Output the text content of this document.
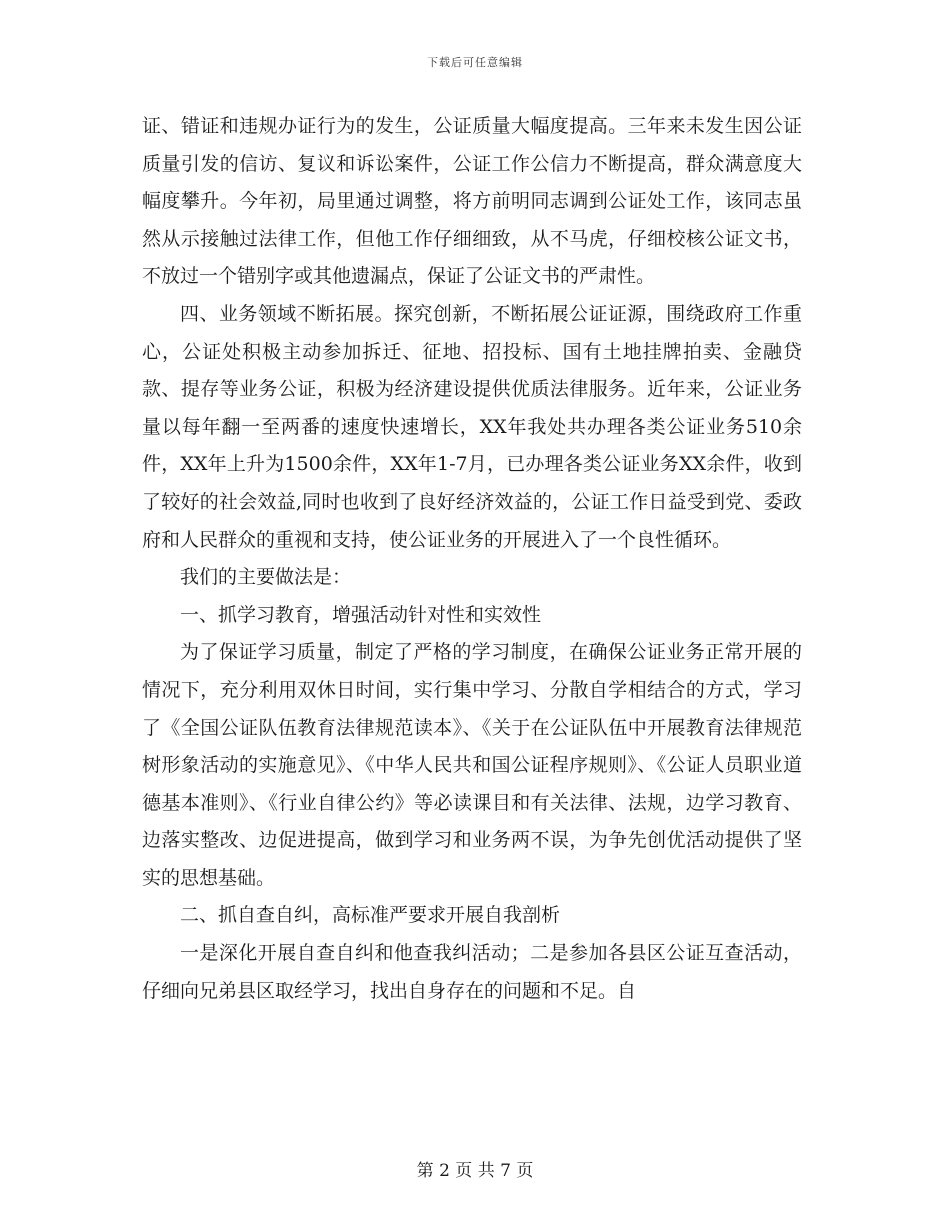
下载后可任意编辑

证、错证和违规办证行为的发生，公证质量大幅度提高。三年来未发生因公证质量引发的信访、复议和诉讼案件，公证工作公信力不断提高，群众满意度大幅度攀升。今年初，局里通过调整，将方前明同志调到公证处工作，该同志虽然从示接触过法律工作，但他工作仔细细致，从不马虎，仔细校核公证文书，不放过一个错别字或其他遗漏点，保证了公证文书的严肃性。

四、业务领域不断拓展。探究创新，不断拓展公证证源，围绕政府工作重心，公证处积极主动参加拆迁、征地、招投标、国有土地挂牌拍卖、金融贷款、提存等业务公证，积极为经济建设提供优质法律服务。近年来，公证业务量以每年翻一至两番的速度快速增长，XX年我处共办理各类公证业务510余件，XX年上升为1500余件，XX年1-7月，已办理各类公证业务XX余件，收到了较好的社会效益,同时也收到了良好经济效益的，公证工作日益受到党、委政府和人民群众的重视和支持，使公证业务的开展进入了一个良性循环。

我们的主要做法是：

一、抓学习教育，增强活动针对性和实效性

为了保证学习质量，制定了严格的学习制度，在确保公证业务正常开展的情况下，充分利用双休日时间，实行集中学习、分散自学相结合的方式，学习了《全国公证队伍教育法律规范读本》、《关于在公证队伍中开展教育法律规范树形象活动的实施意见》、《中华人民共和国公证程序规则》、《公证人员职业道德基本准则》、《行业自律公约》等必读课目和有关法律、法规，边学习教育、边落实整改、边促进提高，做到学习和业务两不误，为争先创优活动提供了坚实的思想基础。

二、抓自查自纠，高标准严要求开展自我剖析

一是深化开展自查自纠和他查我纠活动；二是参加各县区公证互查活动，仔细向兄弟县区取经学习，找出自身存在的问题和不足。自

第 2 页 共 7 页
